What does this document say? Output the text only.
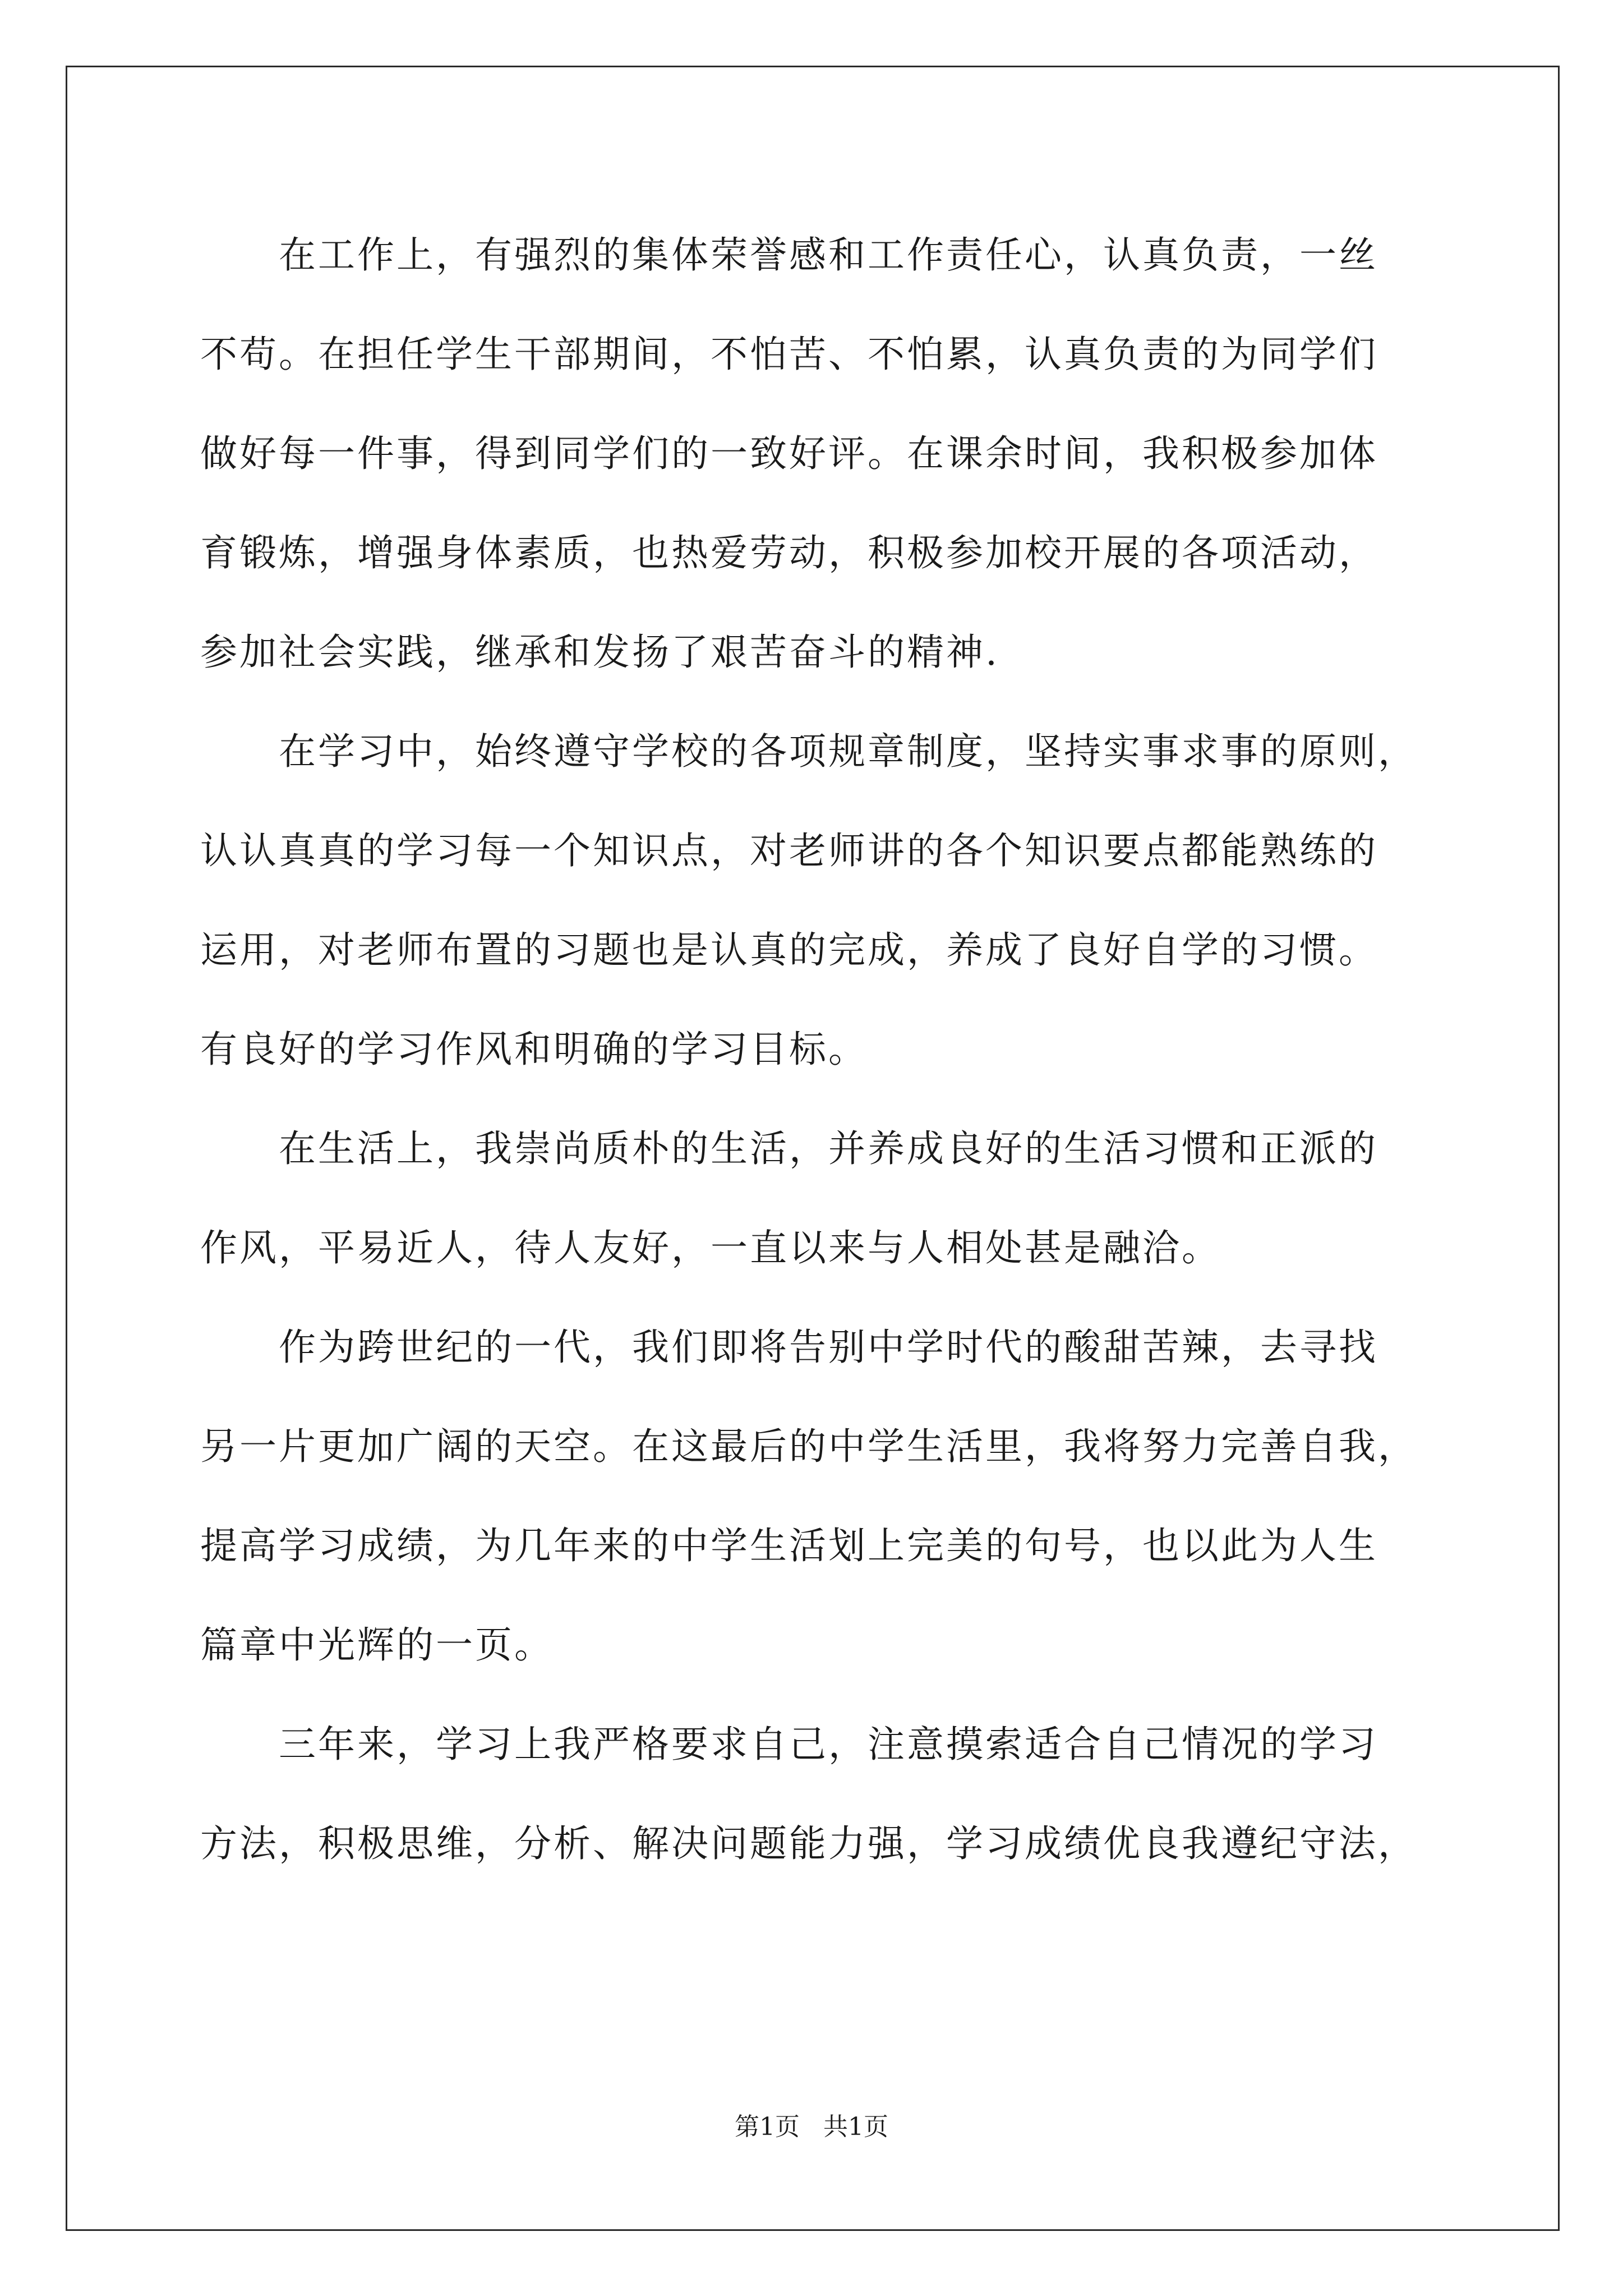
　　在工作上，有强烈的集体荣誉感和工作责任心，认真负责，一丝
不苟。在担任学生干部期间，不怕苦、不怕累，认真负责的为同学们
做好每一件事，得到同学们的一致好评。在课余时间，我积极参加体
育锻炼，增强身体素质，也热爱劳动，积极参加校开展的各项活动，
参加社会实践，继承和发扬了艰苦奋斗的精神.
　　在学习中，始终遵守学校的各项规章制度，坚持实事求事的原则，
认认真真的学习每一个知识点，对老师讲的各个知识要点都能熟练的
运用，对老师布置的习题也是认真的完成，养成了良好自学的习惯。
有良好的学习作风和明确的学习目标。
　　在生活上，我崇尚质朴的生活，并养成良好的生活习惯和正派的
作风，平易近人，待人友好，一直以来与人相处甚是融洽。
　　作为跨世纪的一代，我们即将告别中学时代的酸甜苦辣，去寻找
另一片更加广阔的天空。在这最后的中学生活里，我将努力完善自我，
提高学习成绩，为几年来的中学生活划上完美的句号，也以此为人生
篇章中光辉的一页。
　　三年来，学习上我严格要求自己，注意摸索适合自己情况的学习
方法，积极思维，分析、解决问题能力强，学习成绩优良我遵纪守法，
第1页 共1页
